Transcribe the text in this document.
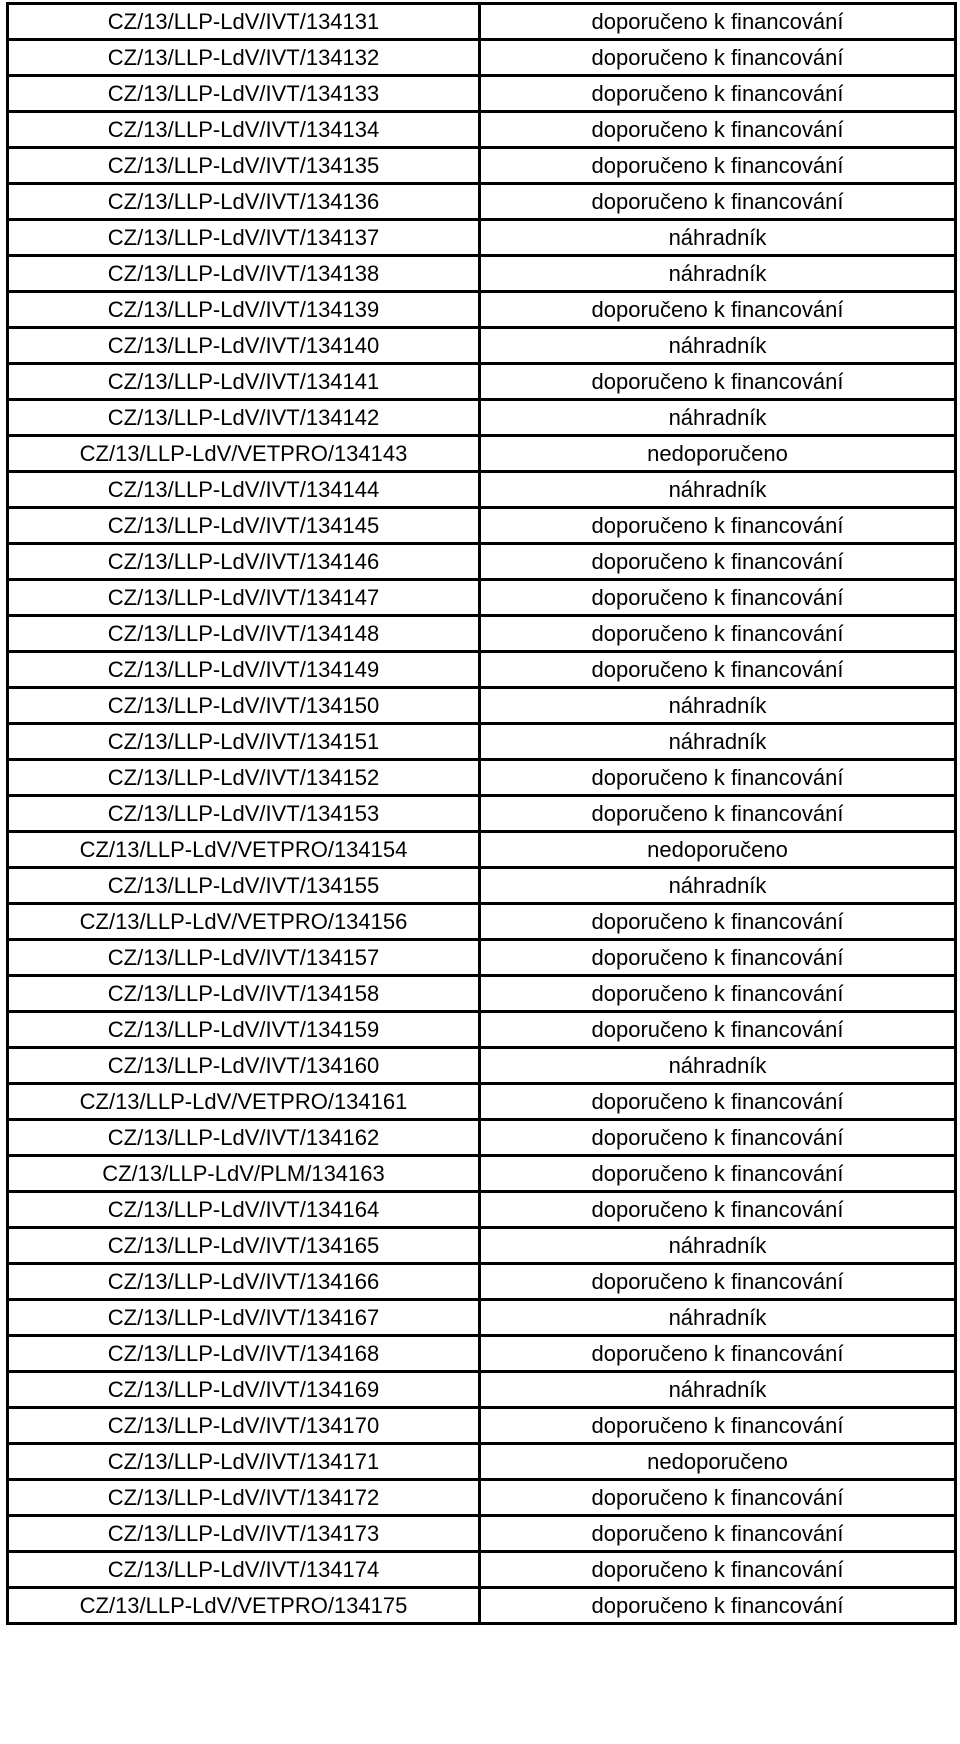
CZ/13/LLP-LdV/IVT/134131	doporučeno k financování
CZ/13/LLP-LdV/IVT/134132	doporučeno k financování
CZ/13/LLP-LdV/IVT/134133	doporučeno k financování
CZ/13/LLP-LdV/IVT/134134	doporučeno k financování
CZ/13/LLP-LdV/IVT/134135	doporučeno k financování
CZ/13/LLP-LdV/IVT/134136	doporučeno k financování
CZ/13/LLP-LdV/IVT/134137	náhradník
CZ/13/LLP-LdV/IVT/134138	náhradník
CZ/13/LLP-LdV/IVT/134139	doporučeno k financování
CZ/13/LLP-LdV/IVT/134140	náhradník
CZ/13/LLP-LdV/IVT/134141	doporučeno k financování
CZ/13/LLP-LdV/IVT/134142	náhradník
CZ/13/LLP-LdV/VETPRO/134143	nedoporučeno
CZ/13/LLP-LdV/IVT/134144	náhradník
CZ/13/LLP-LdV/IVT/134145	doporučeno k financování
CZ/13/LLP-LdV/IVT/134146	doporučeno k financování
CZ/13/LLP-LdV/IVT/134147	doporučeno k financování
CZ/13/LLP-LdV/IVT/134148	doporučeno k financování
CZ/13/LLP-LdV/IVT/134149	doporučeno k financování
CZ/13/LLP-LdV/IVT/134150	náhradník
CZ/13/LLP-LdV/IVT/134151	náhradník
CZ/13/LLP-LdV/IVT/134152	doporučeno k financování
CZ/13/LLP-LdV/IVT/134153	doporučeno k financování
CZ/13/LLP-LdV/VETPRO/134154	nedoporučeno
CZ/13/LLP-LdV/IVT/134155	náhradník
CZ/13/LLP-LdV/VETPRO/134156	doporučeno k financování
CZ/13/LLP-LdV/IVT/134157	doporučeno k financování
CZ/13/LLP-LdV/IVT/134158	doporučeno k financování
CZ/13/LLP-LdV/IVT/134159	doporučeno k financování
CZ/13/LLP-LdV/IVT/134160	náhradník
CZ/13/LLP-LdV/VETPRO/134161	doporučeno k financování
CZ/13/LLP-LdV/IVT/134162	doporučeno k financování
CZ/13/LLP-LdV/PLM/134163	doporučeno k financování
CZ/13/LLP-LdV/IVT/134164	doporučeno k financování
CZ/13/LLP-LdV/IVT/134165	náhradník
CZ/13/LLP-LdV/IVT/134166	doporučeno k financování
CZ/13/LLP-LdV/IVT/134167	náhradník
CZ/13/LLP-LdV/IVT/134168	doporučeno k financování
CZ/13/LLP-LdV/IVT/134169	náhradník
CZ/13/LLP-LdV/IVT/134170	doporučeno k financování
CZ/13/LLP-LdV/IVT/134171	nedoporučeno
CZ/13/LLP-LdV/IVT/134172	doporučeno k financování
CZ/13/LLP-LdV/IVT/134173	doporučeno k financování
CZ/13/LLP-LdV/IVT/134174	doporučeno k financování
CZ/13/LLP-LdV/VETPRO/134175	doporučeno k financování
